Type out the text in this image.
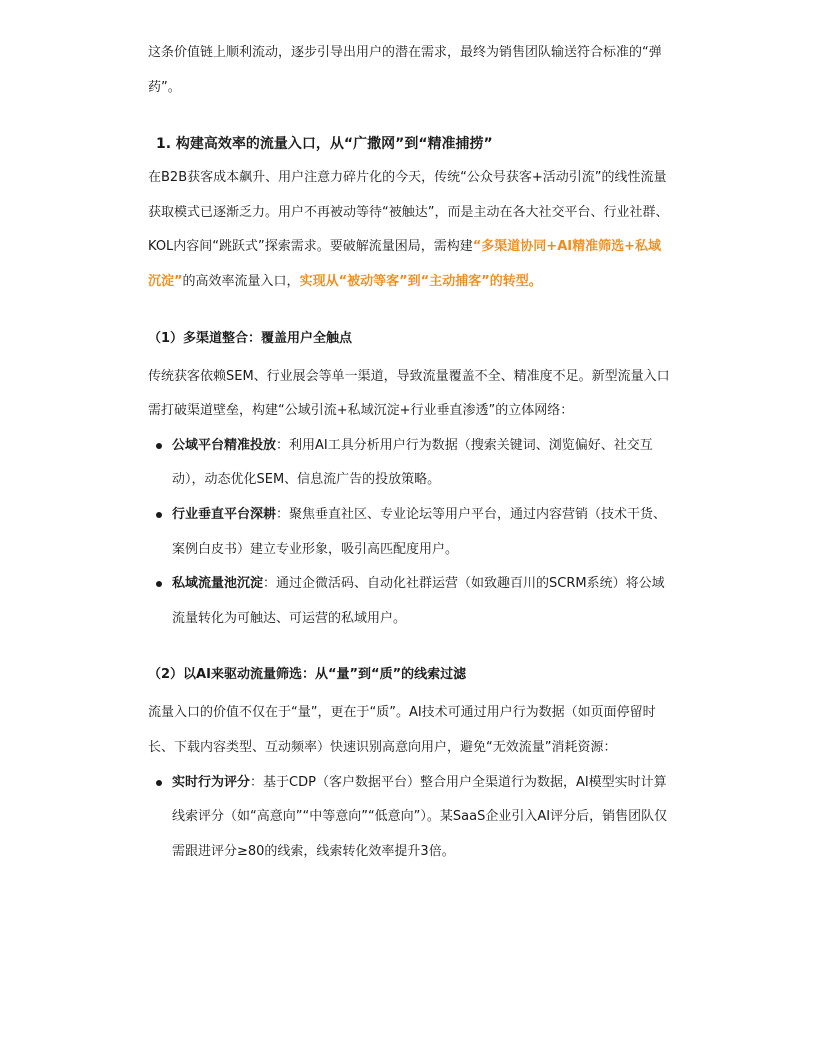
这条价值链上顺利流动，逐步引导出用户的潜在需求，最终为销售团队输送符合标准的“弹药”。

1. 构建高效率的流量入口，从“广撒网”到“精准捕捞”

在B2B获客成本飙升、用户注意力碎片化的今天，传统“公众号获客+活动引流”的线性流量获取模式已逐渐乏力。用户不再被动等待“被触达”，而是主动在各大社交平台、行业社群、KOL内容间“跳跃式”探索需求。要破解流量困局，需构建“多渠道协同+AI精准筛选+私域沉淀”的高效率流量入口，实现从“被动等客”到“主动捕客”的转型。

（1）多渠道整合：覆盖用户全触点

传统获客依赖SEM、行业展会等单一渠道，导致流量覆盖不全、精准度不足。新型流量入口需打破渠道壁垒，构建“公域引流+私域沉淀+行业垂直渗透”的立体网络：

公域平台精准投放：利用AI工具分析用户行为数据（搜索关键词、浏览偏好、社交互动），动态优化SEM、信息流广告的投放策略。
行业垂直平台深耕：聚焦垂直社区、专业论坛等用户平台，通过内容营销（技术干货、案例白皮书）建立专业形象，吸引高匹配度用户。
私域流量池沉淀：通过企微活码、自动化社群运营（如致趣百川的SCRM系统）将公域流量转化为可触达、可运营的私域用户。
（2）以AI来驱动流量筛选：从“量”到“质”的线索过滤

流量入口的价值不仅在于“量”，更在于“质”。AI技术可通过用户行为数据（如页面停留时长、下载内容类型、互动频率）快速识别高意向用户，避免“无效流量”消耗资源：

实时行为评分：基于CDP（客户数据平台）整合用户全渠道行为数据，AI模型实时计算线索评分（如“高意向”“中等意向”“低意向”）。某SaaS企业引入AI评分后，销售团队仅需跟进评分≥80的线索，线索转化效率提升3倍。
